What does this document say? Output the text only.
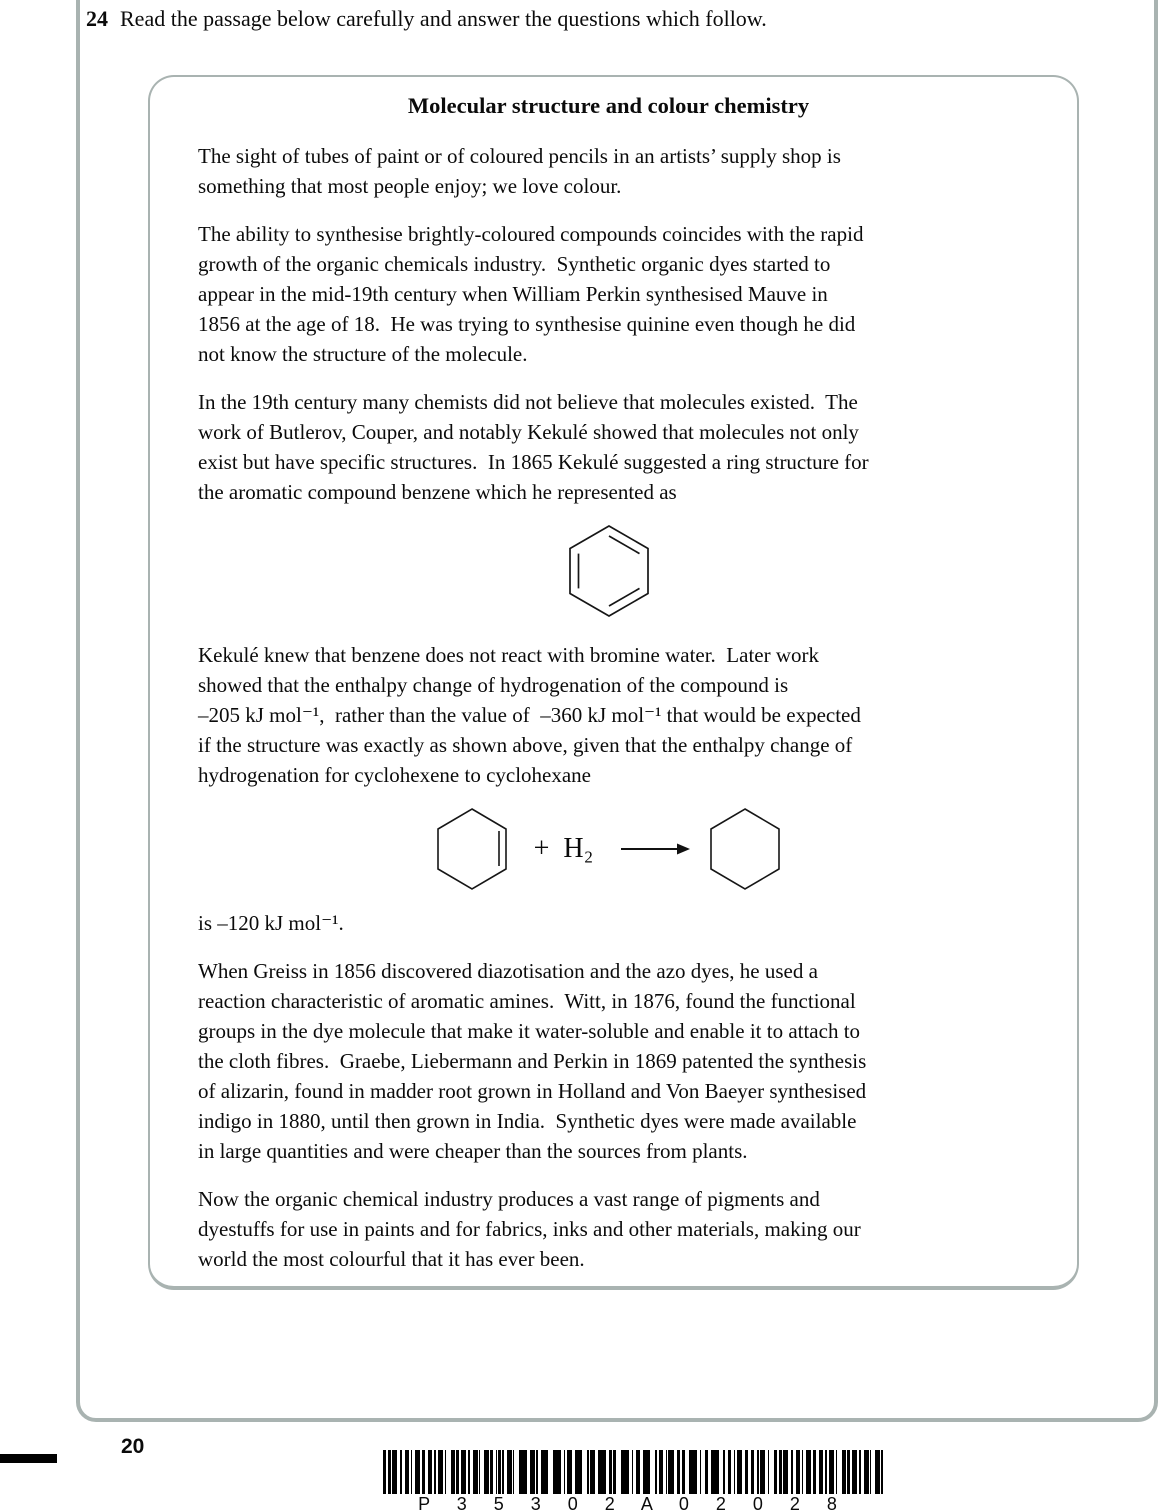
24 Read the passage below carefully and answer the questions which follow.
Molecular structure and colour chemistry

The sight of tubes of paint or of coloured pencils in an artists’ supply shop is
something that most people enjoy; we love colour.

The ability to synthesise brightly-coloured compounds coincides with the rapid
growth of the organic chemicals industry.  Synthetic organic dyes started to
appear in the mid-19th century when William Perkin synthesised Mauve in
1856 at the age of 18.  He was trying to synthesise quinine even though he did
not know the structure of the molecule.

In the 19th century many chemists did not believe that molecules existed.  The
work of Butlerov, Couper, and notably Kekulé showed that molecules not only
exist but have specific structures.  In 1865 Kekulé suggested a ring structure for
the aromatic compound benzene which he represented as

Kekulé knew that benzene does not react with bromine water.  Later work
showed that the enthalpy change of hydrogenation of the compound is
–205 kJ mol⁻¹,  rather than the value of  –360 kJ mol⁻¹ that would be expected
if the structure was exactly as shown above, given that the enthalpy change of
hydrogenation for cyclohexene to cyclohexane

+ H₂

is –120 kJ mol⁻¹.

When Greiss in 1856 discovered diazotisation and the azo dyes, he used a
reaction characteristic of aromatic amines.  Witt, in 1876, found the functional
groups in the dye molecule that make it water-soluble and enable it to attach to
the cloth fibres.  Graebe, Liebermann and Perkin in 1869 patented the synthesis
of alizarin, found in madder root grown in Holland and Von Baeyer synthesised
indigo in 1880, until then grown in India.  Synthetic dyes were made available
in large quantities and were cheaper than the sources from plants.

Now the organic chemical industry produces a vast range of pigments and
dyestuffs for use in paints and for fabrics, inks and other materials, making our
world the most colourful that it has ever been.

20
P 3 5 3 0 2 A 0 2 0 2 8
